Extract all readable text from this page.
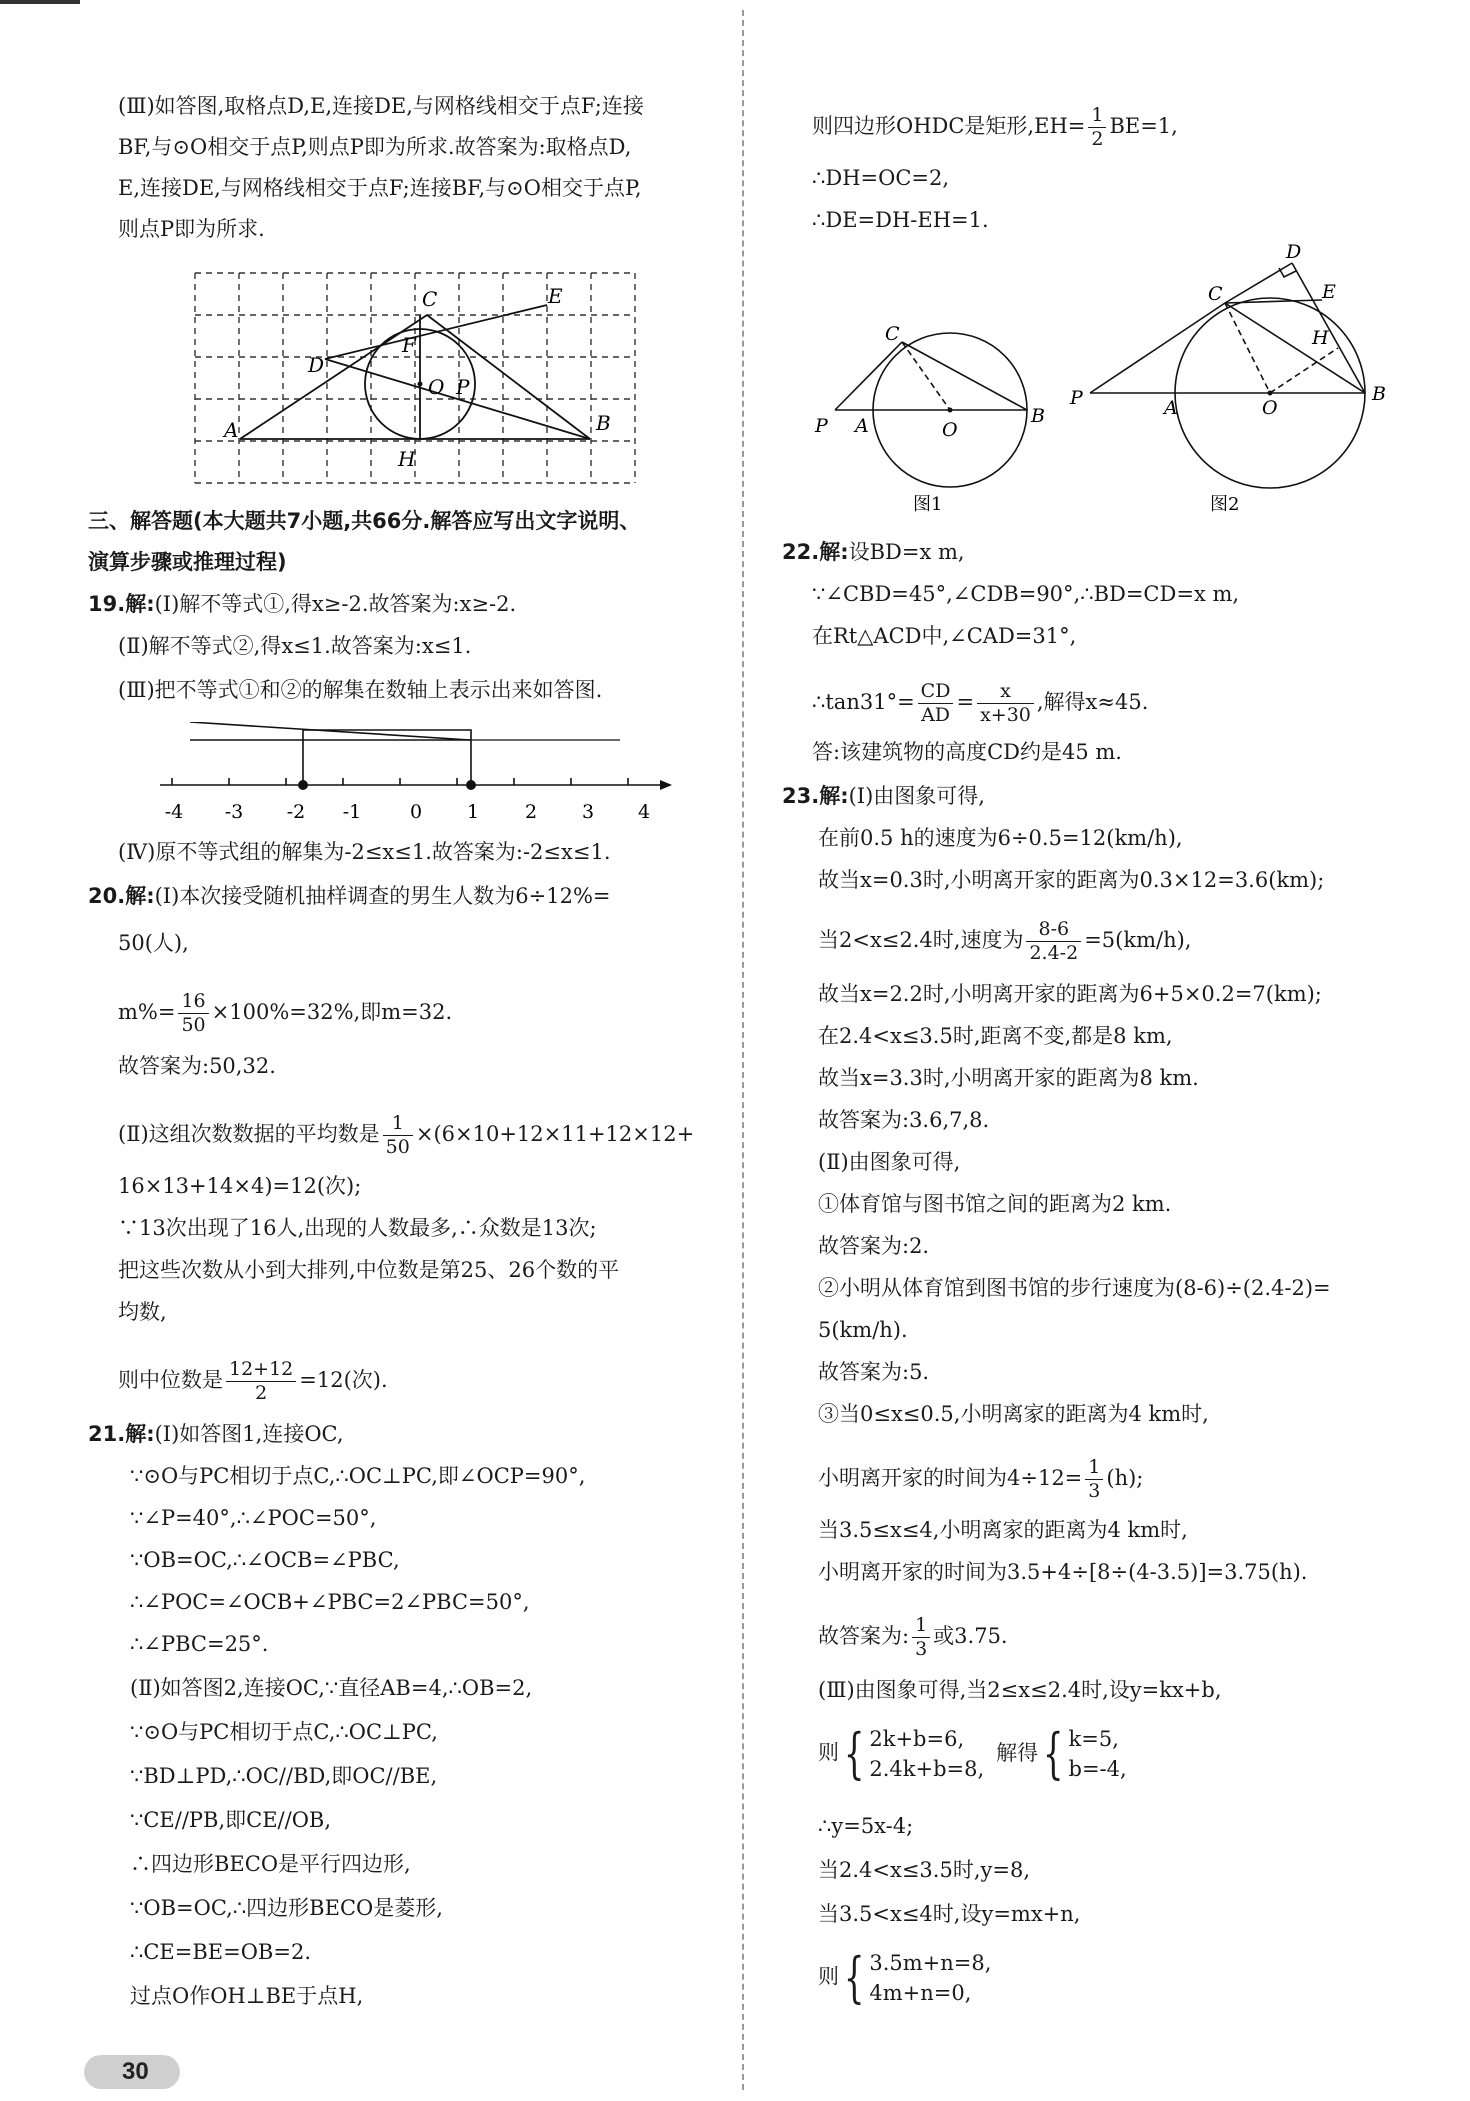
(Ⅲ)如答图,取格点D,E,连接DE,与网格线相交于点F;连接
BF,与⊙O相交于点P,则点P即为所求.故答案为:取格点D,
E,连接DE,与网格线相交于点F;连接BF,与⊙O相交于点P,
则点P即为所求.
A	B
C
D
E
F
O P
H
三、解答题(本大题共7小题,共66分.解答应写出文字说明、
演算步骤或推理过程)
19.解:(Ⅰ)解不等式①,得x≥-2.故答案为:x≥-2.
(Ⅱ)解不等式②,得x≤1.故答案为:x≤1.
(Ⅲ)把不等式①和②的解集在数轴上表示出来如答图.
-4 -3 -2 -1	0 1 2 3 4
(Ⅳ)原不等式组的解集为-2≤x≤1.故答案为:-2≤x≤1.
20.解:(Ⅰ)本次接受随机抽样调查的男生人数为6÷12%=
50(人),
$m\%= \frac{16}{50} \times 100\%=32\%$,即m=32.
故答案为:50,32.
(Ⅱ)这组次数数据的平均数是 $\frac{1}{50} \times(6\times 10+12\times 11+12\times 12+$
16×13+14×4)=12(次);
∵13次出现了16人,出现的人数最多,∴众数是13次;
把这些次数从小到大排列,中位数是第25、26个数的平
均数,
则中位数是 $\frac{12+12}{2} =12$(次).
21.解:(Ⅰ)如答图1,连接OC,
∵⊙O与PC相切于点C,∴OC⊥PC,即∠OCP=90°,
∵∠P=40°,∴∠POC=50°,
∵OB=OC,∴∠OCB=∠PBC,
∴∠POC=∠OCB+∠PBC=2∠PBC=50°,
∴∠PBC=25°.
(Ⅱ)如答图2,连接OC,∵直径AB=4,∴OB=2,
∵⊙O与PC相切于点C,∴OC⊥PC,
∵BD⊥PD,∴OC//BD,即OC//BE,
∵CE//PB,即CE//OB,
∴四边形BECO是平行四边形,
∵OB=OC,∴四边形BECO是菱形,
∴CE=BE=OB=2.
过点O作OH⊥BE于点H,
30
则四边形OHDC是矩形$,EH= \frac{1}{2} BE=1$,
∴DH=OC=2,
∴DE=DH-EH=1.
C
P A	O
B
图1
D
C	E
H
P	A	O
B
图2
22.解:设BD=x m,
∵∠CBD=45°,∠CDB=90°,∴BD=CD=x m,
在Rt△ACD中,∠CAD=31°,
∴tan31°= $\frac{CD}{AD} = \frac{x}{x+30}$ ,解得x≈45.
答:该建筑物的高度CD约是45 m.
23.解:(Ⅰ)由图象可得,
在前0.5 h的速度为6÷0.5=12(km/h),
故当x=0.3时,小明离开家的距离为0.3×12=3.6(km);
当2<x≤2.4时,速度为 $\frac{8-6}{2.4-2} =5(km/h)$,
故当x=2.2时,小明离开家的距离为6+5×0.2=7(km);
在2.4<x≤3.5时,距离不变,都是8 km,
故当x=3.3时,小明离开家的距离为8 km.
故答案为:3.6,7,8.
(Ⅱ)由图象可得,
①体育馆与图书馆之间的距离为2 km.
故答案为:2.
②小明从体育馆到图书馆的步行速度为(8-6)÷(2.4-2)=
5(km/h).
故答案为:5.
③当0≤x≤0.5,小明离家的距离为4 km时,
小明离开家的时间为$4\div 12= \frac{1}{3} (h)$;
当3.5≤x≤4,小明离家的距离为4 km时,
小明离开家的时间为3.5+4÷[8÷(4-3.5)]=3.75(h).
故答案为: $\frac{1}{3}$ 或3.75.
(Ⅲ)由图象可得,当2≤x≤2.4时,设y=kx+b,
则{ 2k+b=6,
2.4k+b=8,
解得{ k=5,
b=-4,
∴y=5x-4;
当2.4<x≤3.5时,y=8,
当3.5<x≤4时,设y=mx+n,
则{ 3.5m+n=8,
4m+n=0,
